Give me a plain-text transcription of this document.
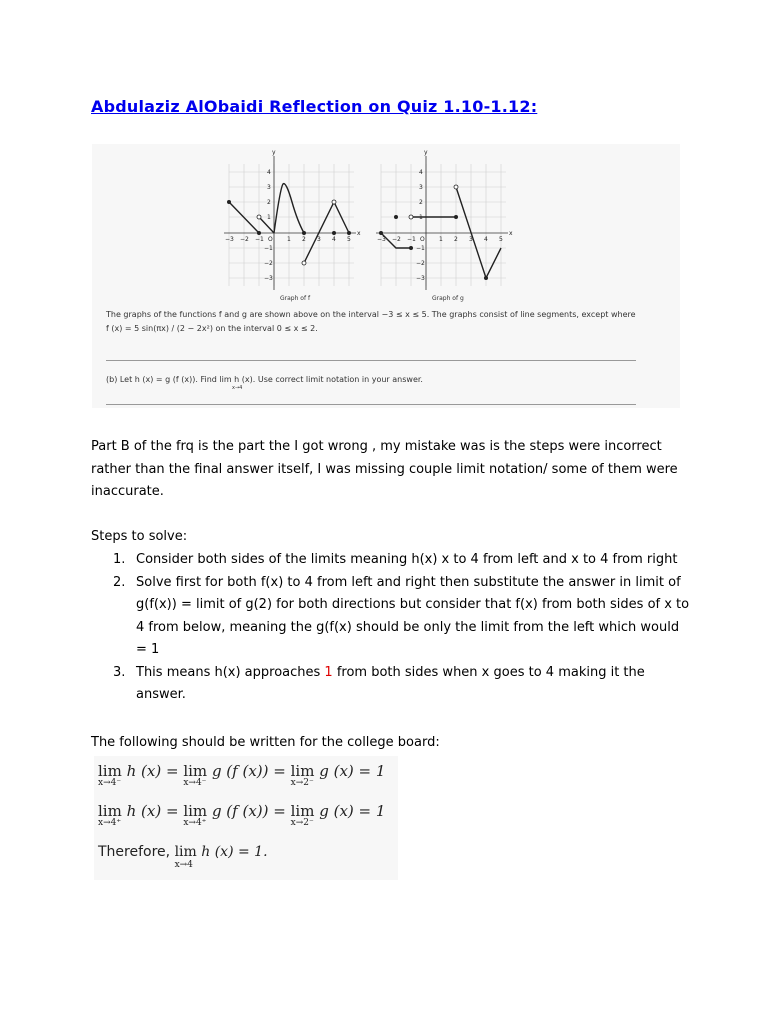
Abdulaziz AlObaidi Reflection on Quiz 1.10-1.12:
y
x
O
−3 −2 −1	1 2 3 4 5
4
3
2
1
−1
−2
−3
Graph of f
y
x
O
−3 −2 −1	1 2 3 4 5
4
3
2
1
−1
−2
−3
Graph of g
The graphs of the functions f and g are shown above on the interval −3 ≤ x ≤ 5. The graphs consist of line segments, except where
f (x) = 5 sin(πx) / (2 − 2x²) on the interval 0 ≤ x ≤ 2.
(b) Let h (x) = g (f (x)). Find lim h (x). Use correct limit notation in your answer.
x→4

Part B of the frq is the part the I got wrong , my mistake was is the steps were incorrect rather than the final answer itself, I was missing couple limit notation/ some of them were inaccurate.

Steps to solve:

1. Consider both sides of the limits meaning h(x) x to 4 from left and x to 4 from right
2. Solve first for both f(x) to 4 from left and right then substitute the answer in limit of g(f(x)) = limit of g(2) for both directions but consider that f(x) from both sides of x to 4 from below, meaning the g(f(x) should be only the limit from the left which would = 1
3. This means h(x) approaches 1 from both sides when x goes to 4 making it the answer.

The following should be written for the college board:

lim
x→4⁻
h (x) = lim
x→4⁻
g (f (x)) = lim
x→2⁻
g (x) = 1
lim
x→4⁺
h (x) = lim
x→4⁺
g (f (x)) = lim
x→2⁻
g (x) = 1
Therefore, lim
x→4
h (x) = 1.
